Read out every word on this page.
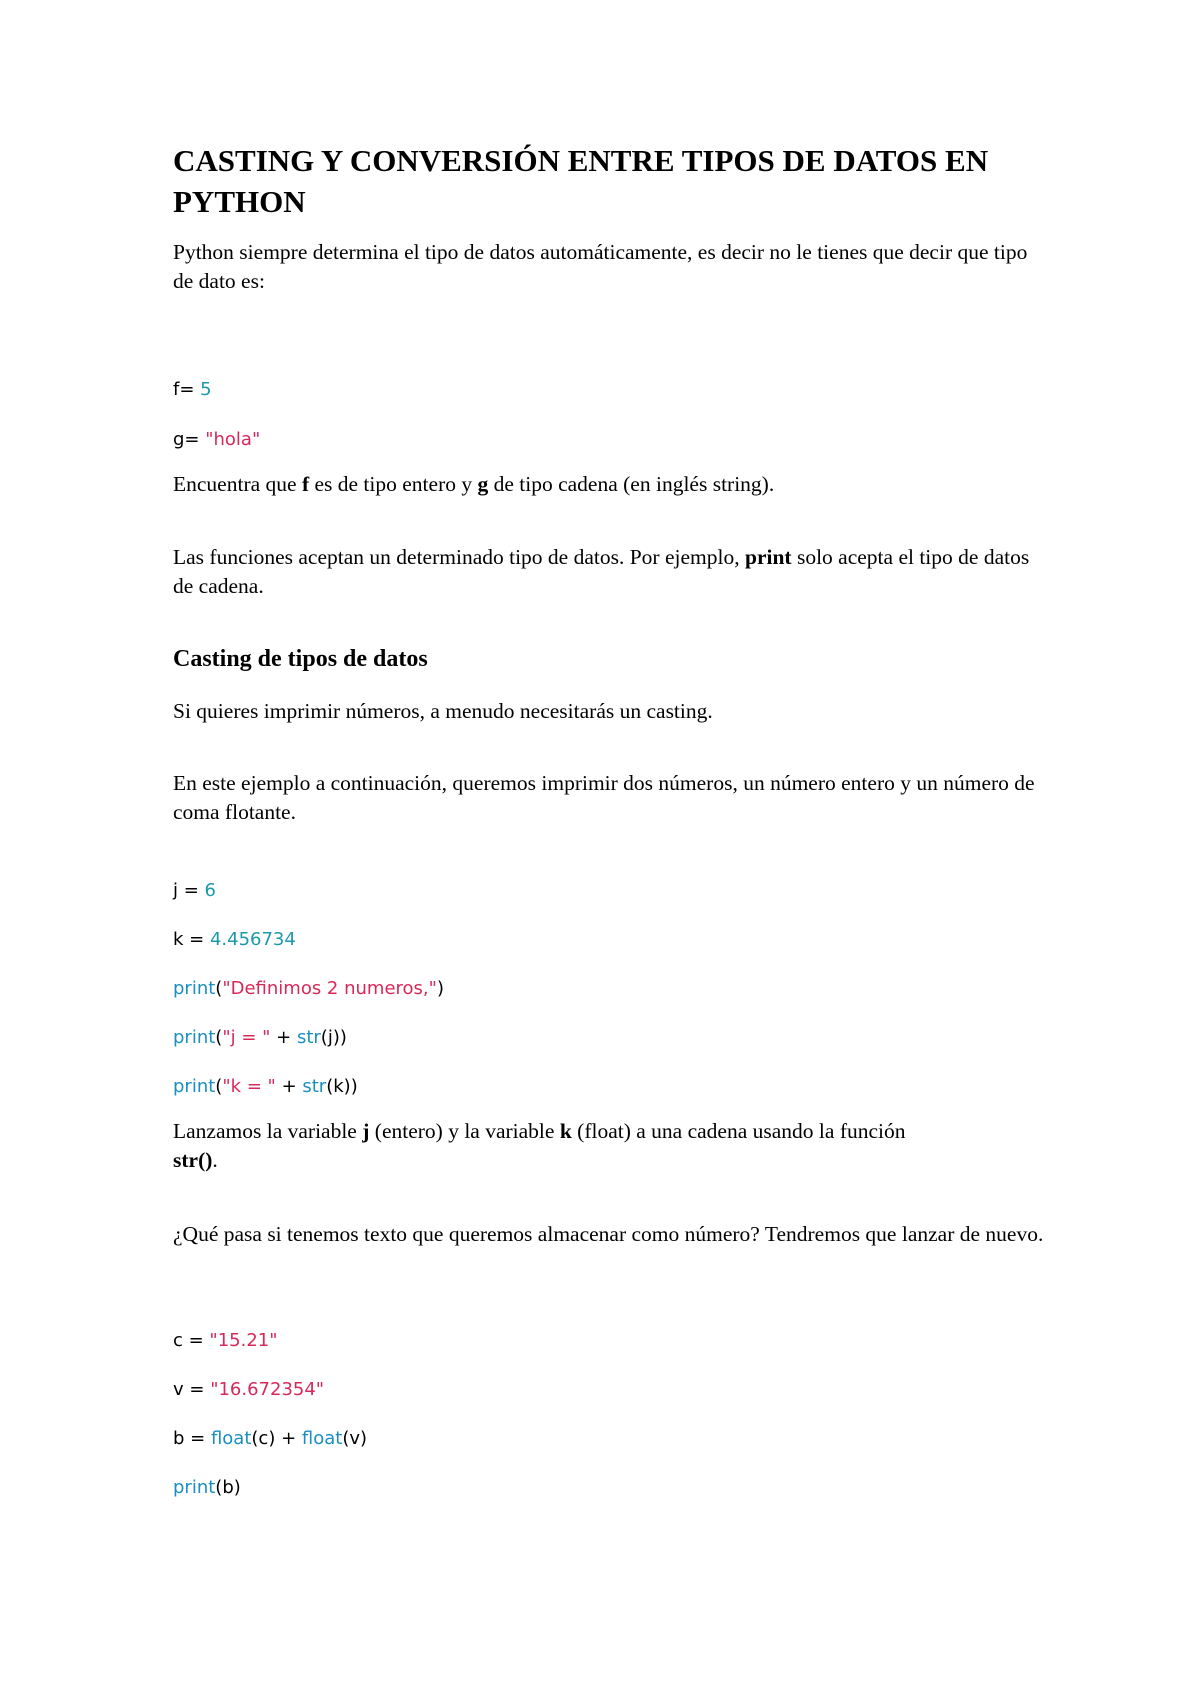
CASTING Y CONVERSIÓN ENTRE TIPOS DE DATOS EN PYTHON

Python siempre determina el tipo de datos automáticamente, es decir no le tienes que decir que tipo de dato es:

f= 5
g= "hola"

Encuentra que f es de tipo entero y g de tipo cadena (en inglés string).

Las funciones aceptan un determinado tipo de datos. Por ejemplo, print solo acepta el tipo de datos de cadena.

Casting de tipos de datos

Si quieres imprimir números, a menudo necesitarás un casting.

En este ejemplo a continuación, queremos imprimir dos números, un número entero y un número de coma flotante.

j = 6
k = 4.456734
print("Definimos 2 numeros,")
print("j = " + str(j))
print("k = " + str(k))

Lanzamos la variable j (entero) y la variable k (float) a una cadena usando la función str().

¿Qué pasa si tenemos texto que queremos almacenar como número? Tendremos que lanzar de nuevo.

c = "15.21"
v = "16.672354"
b = float(c) + float(v)
print(b)
